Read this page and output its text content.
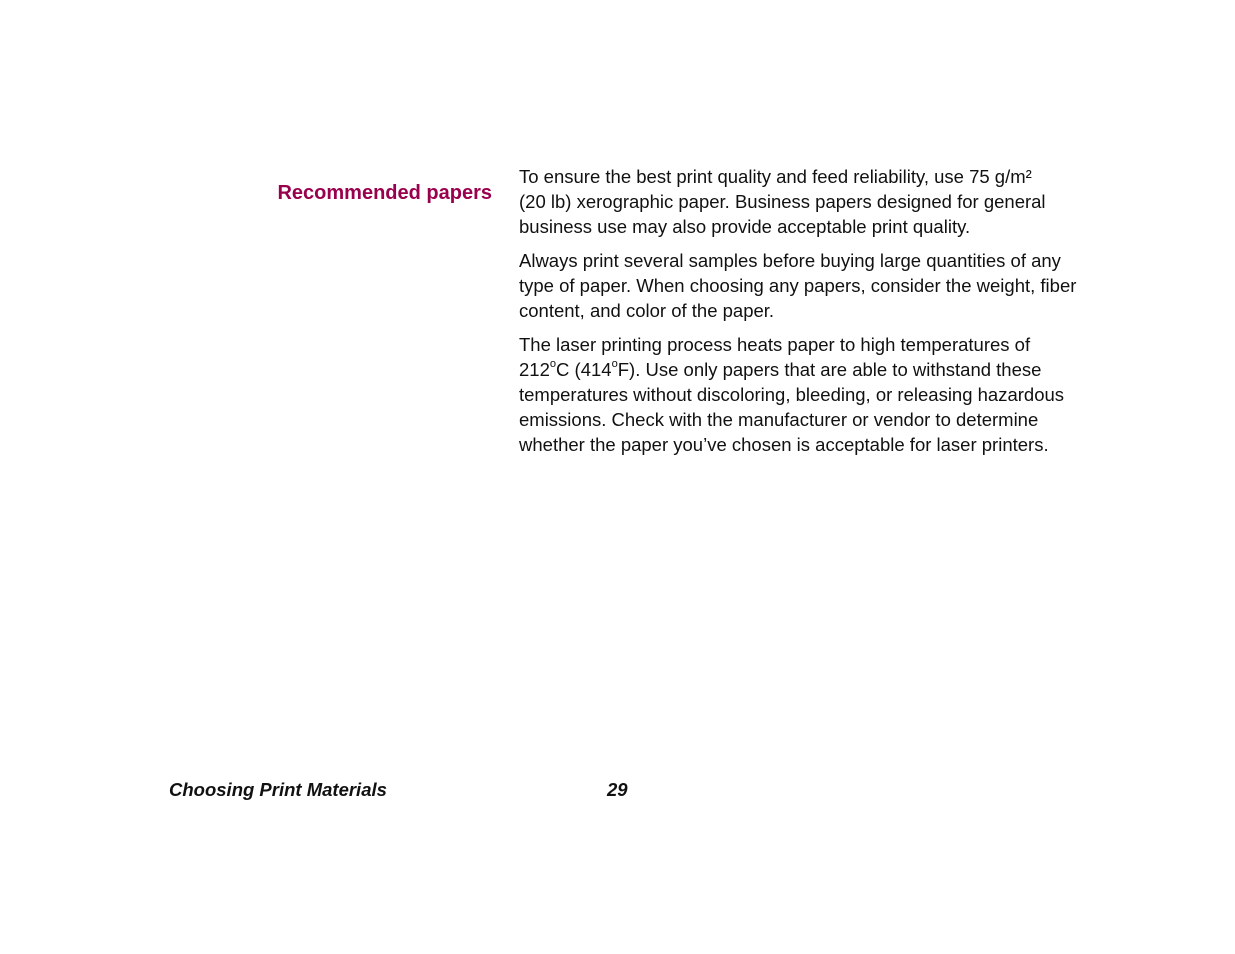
Recommended papers

To ensure the best print quality and feed reliability, use 75 g/m²
(20 lb) xerographic paper. Business papers designed for general
business use may also provide acceptable print quality.

Always print several samples before buying large quantities of any
type of paper. When choosing any papers, consider the weight, fiber
content, and color of the paper.

The laser printing process heats paper to high temperatures of
212$^o$C (414$^o$F). Use only papers that are able to withstand these
temperatures without discoloring, bleeding, or releasing hazardous
emissions. Check with the manufacturer or vendor to determine
whether the paper you’ve chosen is acceptable for laser printers.

Choosing Print Materials	29
